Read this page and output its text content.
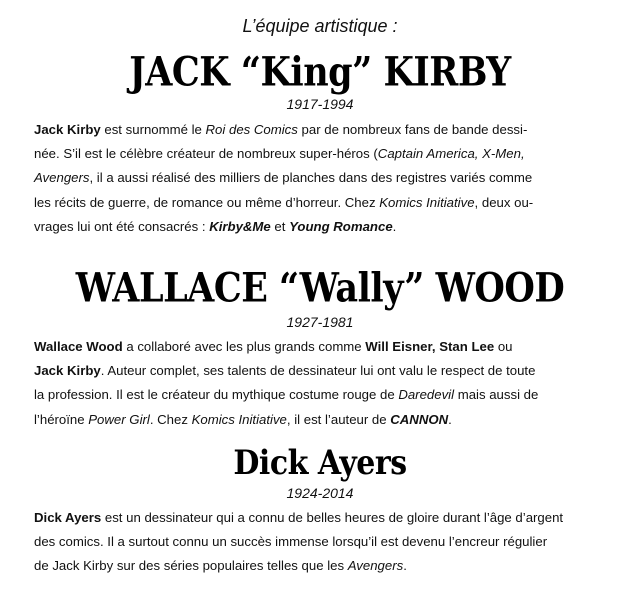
L’équipe artistique :
JACK “King” KIRBY
1917-1994
Jack Kirby est surnommé le Roi des Comics par de nombreux fans de bande dessi-
née. S’il est le célèbre créateur de nombreux super-héros (Captain America, X-Men,
Avengers, il a aussi réalisé des milliers de planches dans des registres variés comme
les récits de guerre, de romance ou même d’horreur. Chez Komics Initiative, deux ou-
vrages lui ont été consacrés : Kirby&Me et Young Romance.
WALLACE “Wally” WOOD
1927-1981
Wallace Wood a collaboré avec les plus grands comme Will Eisner, Stan Lee ou
Jack Kirby. Auteur complet, ses talents de dessinateur lui ont valu le respect de toute
la profession. Il est le créateur du mythique costume rouge de Daredevil mais aussi de
l’héroïne Power Girl. Chez Komics Initiative, il est l’auteur de CANNON.
Dick Ayers
1924-2014
Dick Ayers est un dessinateur qui a connu de belles heures de gloire durant l’âge d’argent
des comics. Il a surtout connu un succès immense lorsqu’il est devenu l’encreur régulier
de Jack Kirby sur des séries populaires telles que les Avengers.
